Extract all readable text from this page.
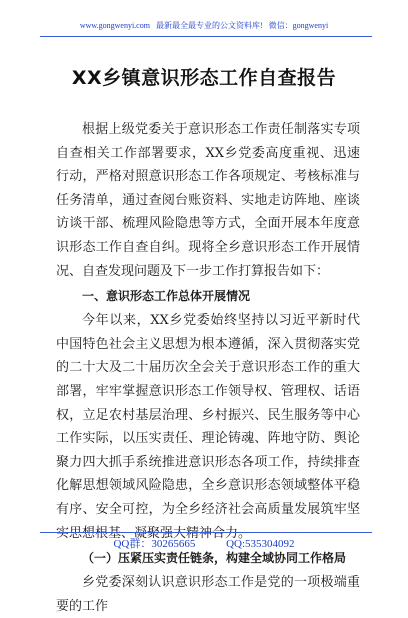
www.gongwenyi.com 最新最全最专业的公文资料库! 微信：gongwenyi
XX乡镇意识形态工作自查报告

根据上级党委关于意识形态工作责任制落实专项自查相关工作部署要求，XX乡党委高度重视、迅速行动，严格对照意识形态工作各项规定、考核标准与任务清单，通过查阅台账资料、实地走访阵地、座谈访谈干部、梳理风险隐患等方式，全面开展本年度意识形态工作自查自纠。现将全乡意识形态工作开展情况、自查发现问题及下一步工作打算报告如下：

一、意识形态工作总体开展情况

今年以来，XX乡党委始终坚持以习近平新时代中国特色社会主义思想为根本遵循，深入贯彻落实党的二十大及二十届历次全会关于意识形态工作的重大部署，牢牢掌握意识形态工作领导权、管理权、话语权，立足农村基层治理、乡村振兴、民生服务等中心工作实际，以压实责任、理论铸魂、阵地守防、舆论聚力四大抓手系统推进意识形态各项工作，持续排查化解思想领域风险隐患，全乡意识形态领域整体平稳有序、安全可控，为全乡经济社会高质量发展筑牢坚实思想根基、凝聚强大精神合力。

（一）压紧压实责任链条，构建全域协同工作格局

乡党委深刻认识意识形态工作是党的一项极端重要的工作

QQ群：30265665	QQ:535304092
